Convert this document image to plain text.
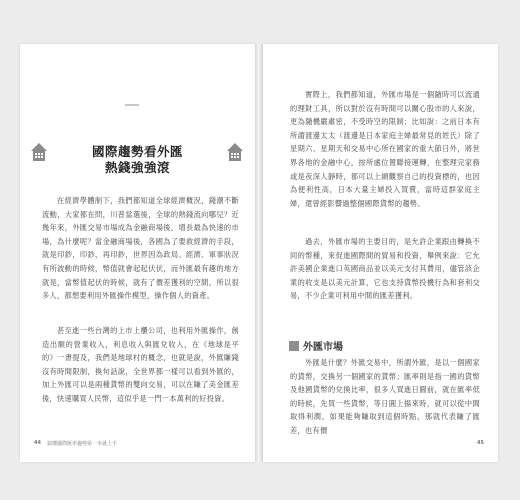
國際趨勢看外匯
熱錢強強滾

在經濟學體制下，我們都知道全球經濟概況，錢潮不斷流動，大家都在問，川普當選後，全球的熱錢流向哪兒？近幾年來，外匯交易市場成為金融商場後，增長最為快速的市場，為什麼呢？當金融商場後，各國為了要救經濟的手段，就是印鈔，印鈔，再印鈔，世界因為政局、經濟、軍事狀況有所波動的時候，幣值就會起起伏伏，而外匯最有趣的地方就是，當幣值起伏的時候，就有了價差獲利的空間，所以很多人，都想要利用外匯操作模型，操作個人的資產。

甚至進一些台灣的上市上櫃公司，也利用外匯操作，創造出額的營業收入，利息收入與匯兌收入，在《地球是平的》一書提及，我們是地球村的概念，也就是說，外匯賺錢沒有時間限制，換句話說，全世界都一樣可以看到外匯的，加上外匯可以是兩種貨幣的雙向交易，可以在賺了美金匯差後，快速購買人民幣，這似乎是一門一本萬利的好投資。

44 搞懂國際匯率趨勢第一本就上手

實際上，我們都知道，外匯市場是一個隨時可以流通的理財工具，所以對於沒有時間可以關心股市的人來說，更為隨機嚴肅密，不受時空的限制；比如說：之前日本有所謂渡邊太太（渡邊是日本家庭主婦最常見的姓氏）除了星期六、星期天和交易中心所在國家的重大節日外，將世界各地的金融中心，按所處位置聯接運轉，在整理完家務或是夜深人靜時，都可以上網觀察自己的投資標的，也因為便利性高，日本大量主婦投入買賣，當時這群家庭主婦，還曾經影響過整個國際貨幣的趨勢。

過去，外匯市場的主要目的，是允許企業跟由轉換不同的幣種，來促進國際間的貿易和投資，舉例來說：它允許美國企業進口英國商品並以美元支付其費用，儘管該企業的收支是以美元計算，它也支持貨幣投機行為和套利交易，不少企業可利用中間的匯差獲利。

外匯市場

外匯是什麼？外匯交易中，所謂外匯，是以一個國家的貨幣，交換另一個國家的貨幣；匯率則是指一國的貨幣及他國貨幣的兌換比率，很多人買進日圓前，就在匯率低的時候，先買一些貨幣，等日圓上揚來時，就可以從中間取得利潤，如果能夠賺取到這個時點，那就代表賺了匯差，也有價

45
